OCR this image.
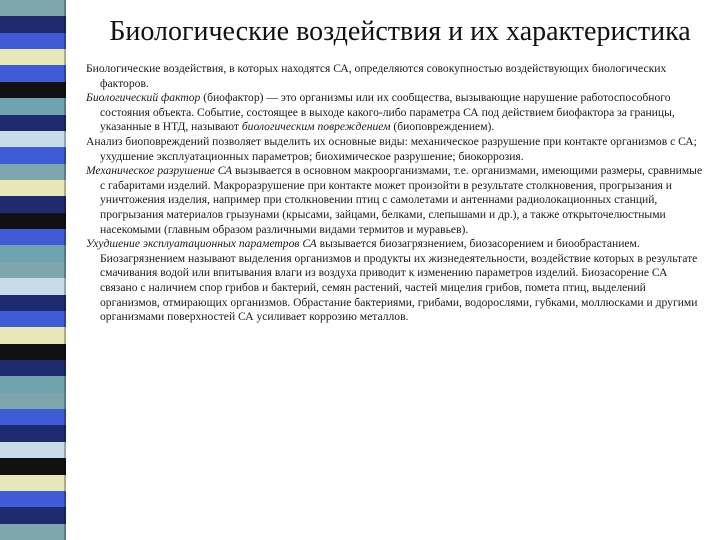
Биологические воздействия и их характеристика

Биологические воздействия, в которых находятся СА, определяются совокупностью воздействующих биологических факторов.

Биологический фактор (биофактор) — это организмы или их сообщества, вызывающие нарушение работоспособного состояния объекта. Событие, состоящее в выходе какого-либо параметра СА под действием биофактора за границы, указанные в НТД, называют биологическим повреждением (биоповреждением).

Анализ биоповреждений позволяет выделить их основные виды: механическое разрушение при контакте организмов с СА; ухудшение эксплуатационных параметров; биохимическое разрушение; биокоррозия.

Механическое разрушение СА вызывается в основном макроорганизмами, т.е. организмами, имеющими размеры, сравнимые с габаритами изделий. Макроразрушение при контакте может произойти в результате столкновения, прогрызания и уничтожения изделия, например при столкновении птиц с самолетами и антеннами радиолокационных станций, прогрызания материалов грызунами (крысами, зайцами, белками, слепышами и др.), а также открыточелюстными насекомыми (главным образом различными видами термитов и муравьев).

Ухудшение эксплуатационных параметров СА вызывается биозагрязнением, биозасорением и биообрастанием. Биозагрязнением называют выделения организмов и продукты их жизнедеятельности, воздействие которых в результате смачивания водой или впитывания влаги из воздуха приводит к изменению параметров изделий. Биозасорение СА связано с наличием спор грибов и бактерий, семян растений, частей мицелия грибов, помета птиц, выделений организмов, отмирающих организмов. Обрастание бактериями, грибами, водорослями, губками, моллюсками и другими организмами поверхностей СА усиливает коррозию металлов.
